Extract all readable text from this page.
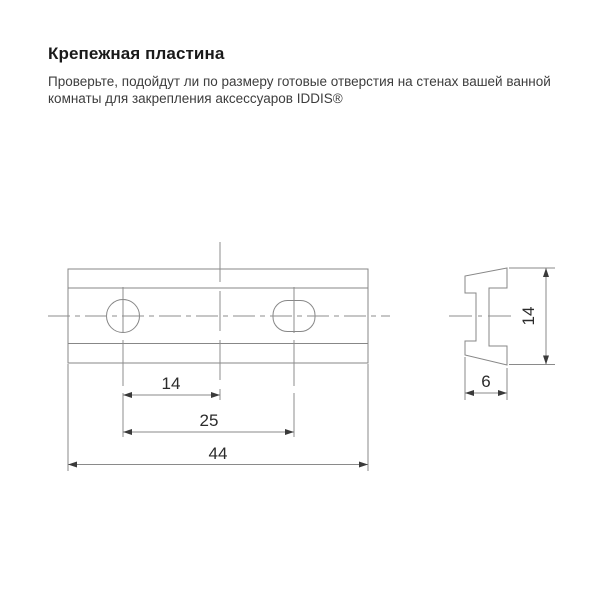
Крепежная пластина

Проверьте, подойдут ли по размеру готовые отверстия на стенах вашей ванной комнаты для закрепления аксессуаров IDDIS®

14
25
44
14
6
